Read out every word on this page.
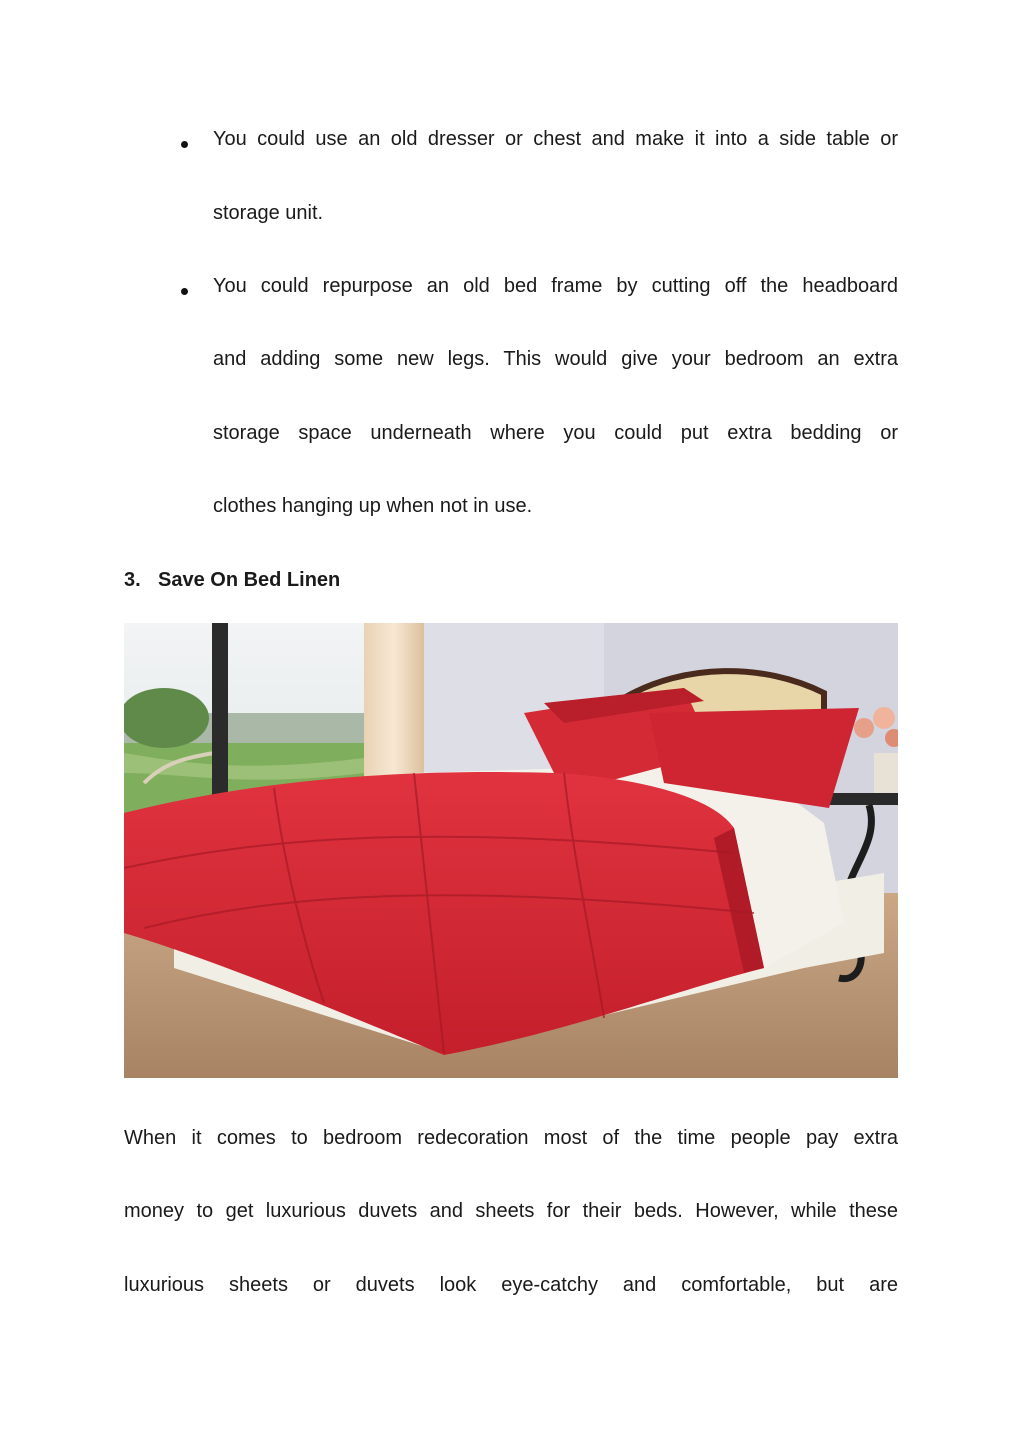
You could use an old dresser or chest and make it into a side table or
storage unit.
You could repurpose an old bed frame by cutting off the headboard
and adding some new legs. This would give your bedroom an extra
storage space underneath where you could put extra bedding or
clothes hanging up when not in use.
3. Save On Bed Linen
When it comes to bedroom redecoration most of the time people pay extra
money to get luxurious duvets and sheets for their beds. However, while these
luxurious sheets or duvets look eye-catchy and comfortable, but are
